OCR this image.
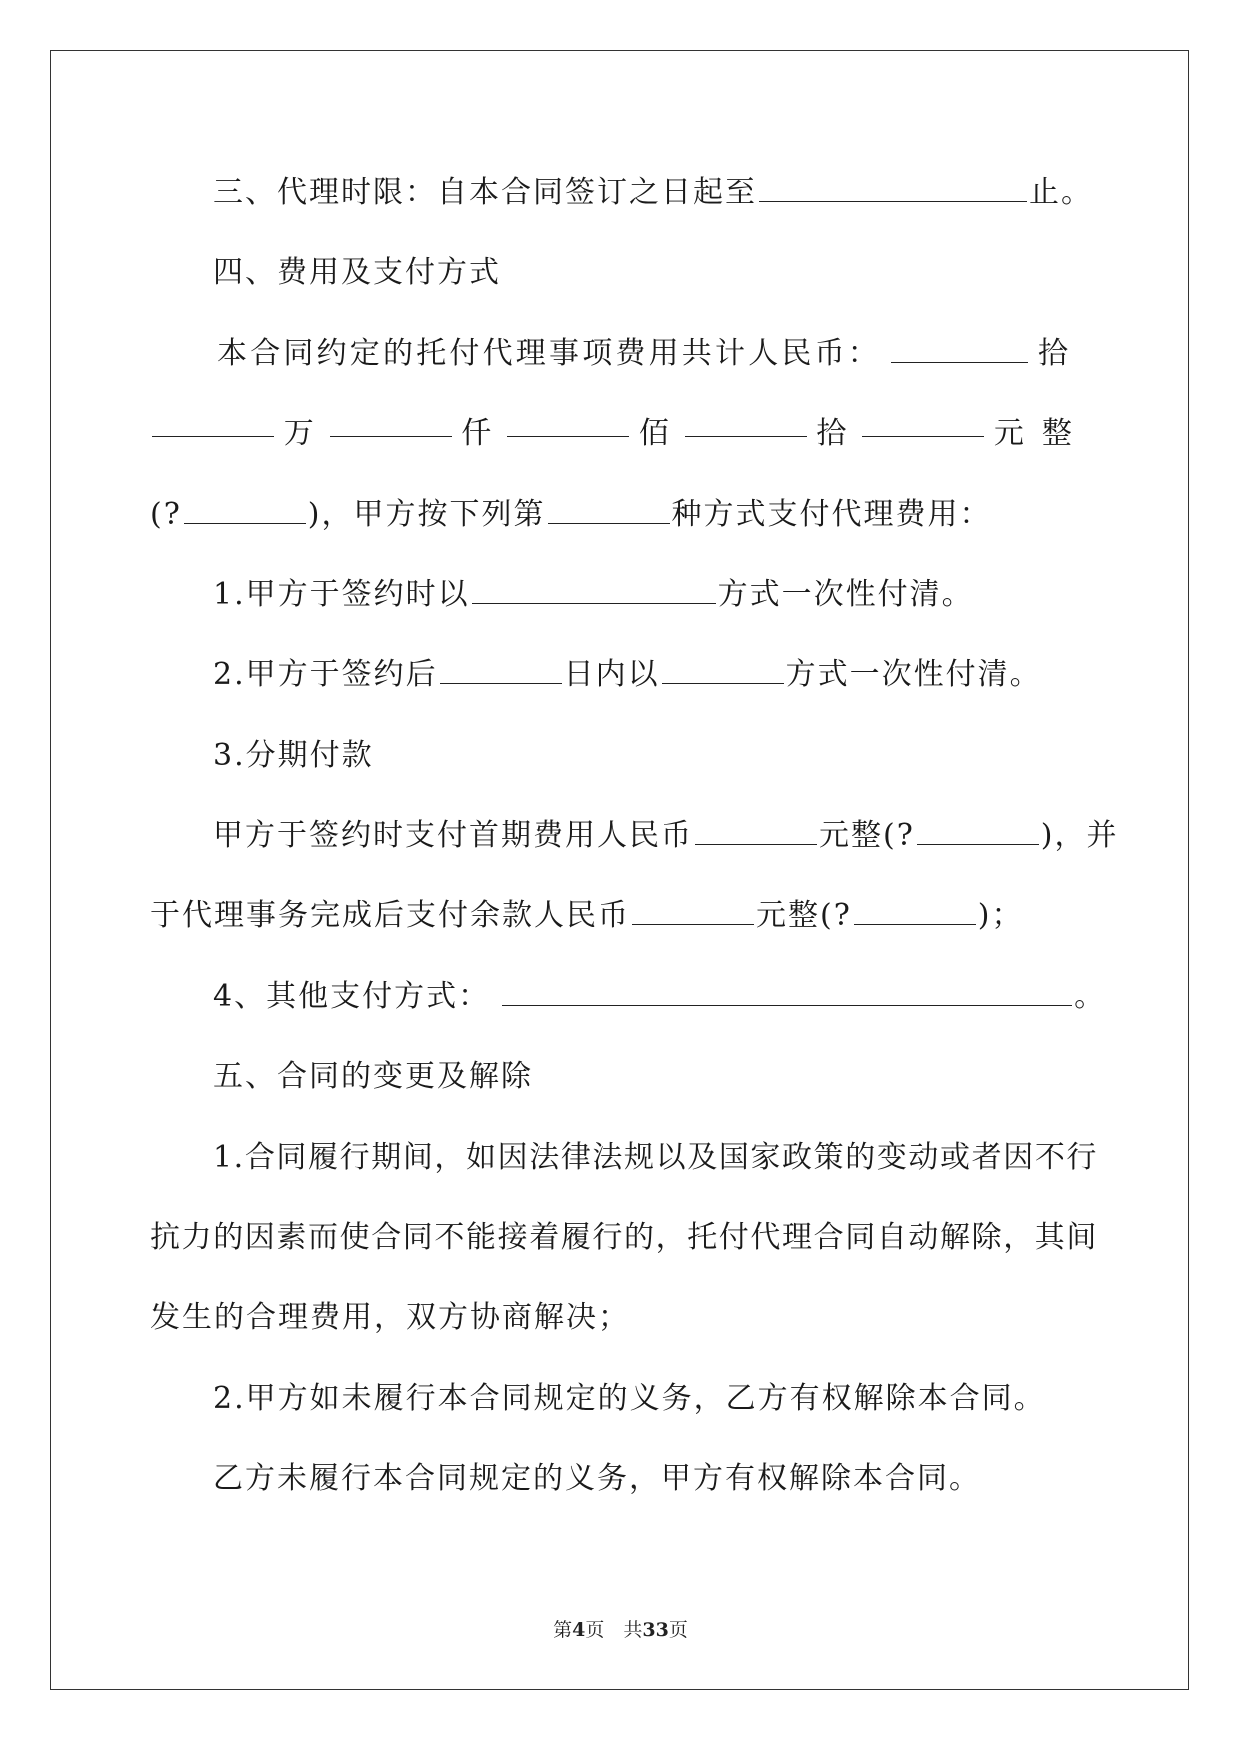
三、代理时限：自本合同签订之日起至	止。
四、费用及支付方式
本合同约定的托付代理事项费用共计人民币：	拾
万	仟	佰	拾	元整
(?	)，甲方按下列第	种方式支付代理费用：
1.甲方于签约时以	方式一次性付清。
2.甲方于签约后	日内以	方式一次性付清。
3.分期付款
甲方于签约时支付首期费用人民币	元整(?	)，并
于代理事务完成后支付余款人民币	元整(?	)；
4、其他支付方式：	。
五、合同的变更及解除
1.合同履行期间，如因法律法规以及国家政策的变动或者因不行
抗力的因素而使合同不能接着履行的，托付代理合同自动解除，其间
发生的合理费用，双方协商解决；
2.甲方如未履行本合同规定的义务，乙方有权解除本合同。
乙方未履行本合同规定的义务，甲方有权解除本合同。
第4页　共33页
